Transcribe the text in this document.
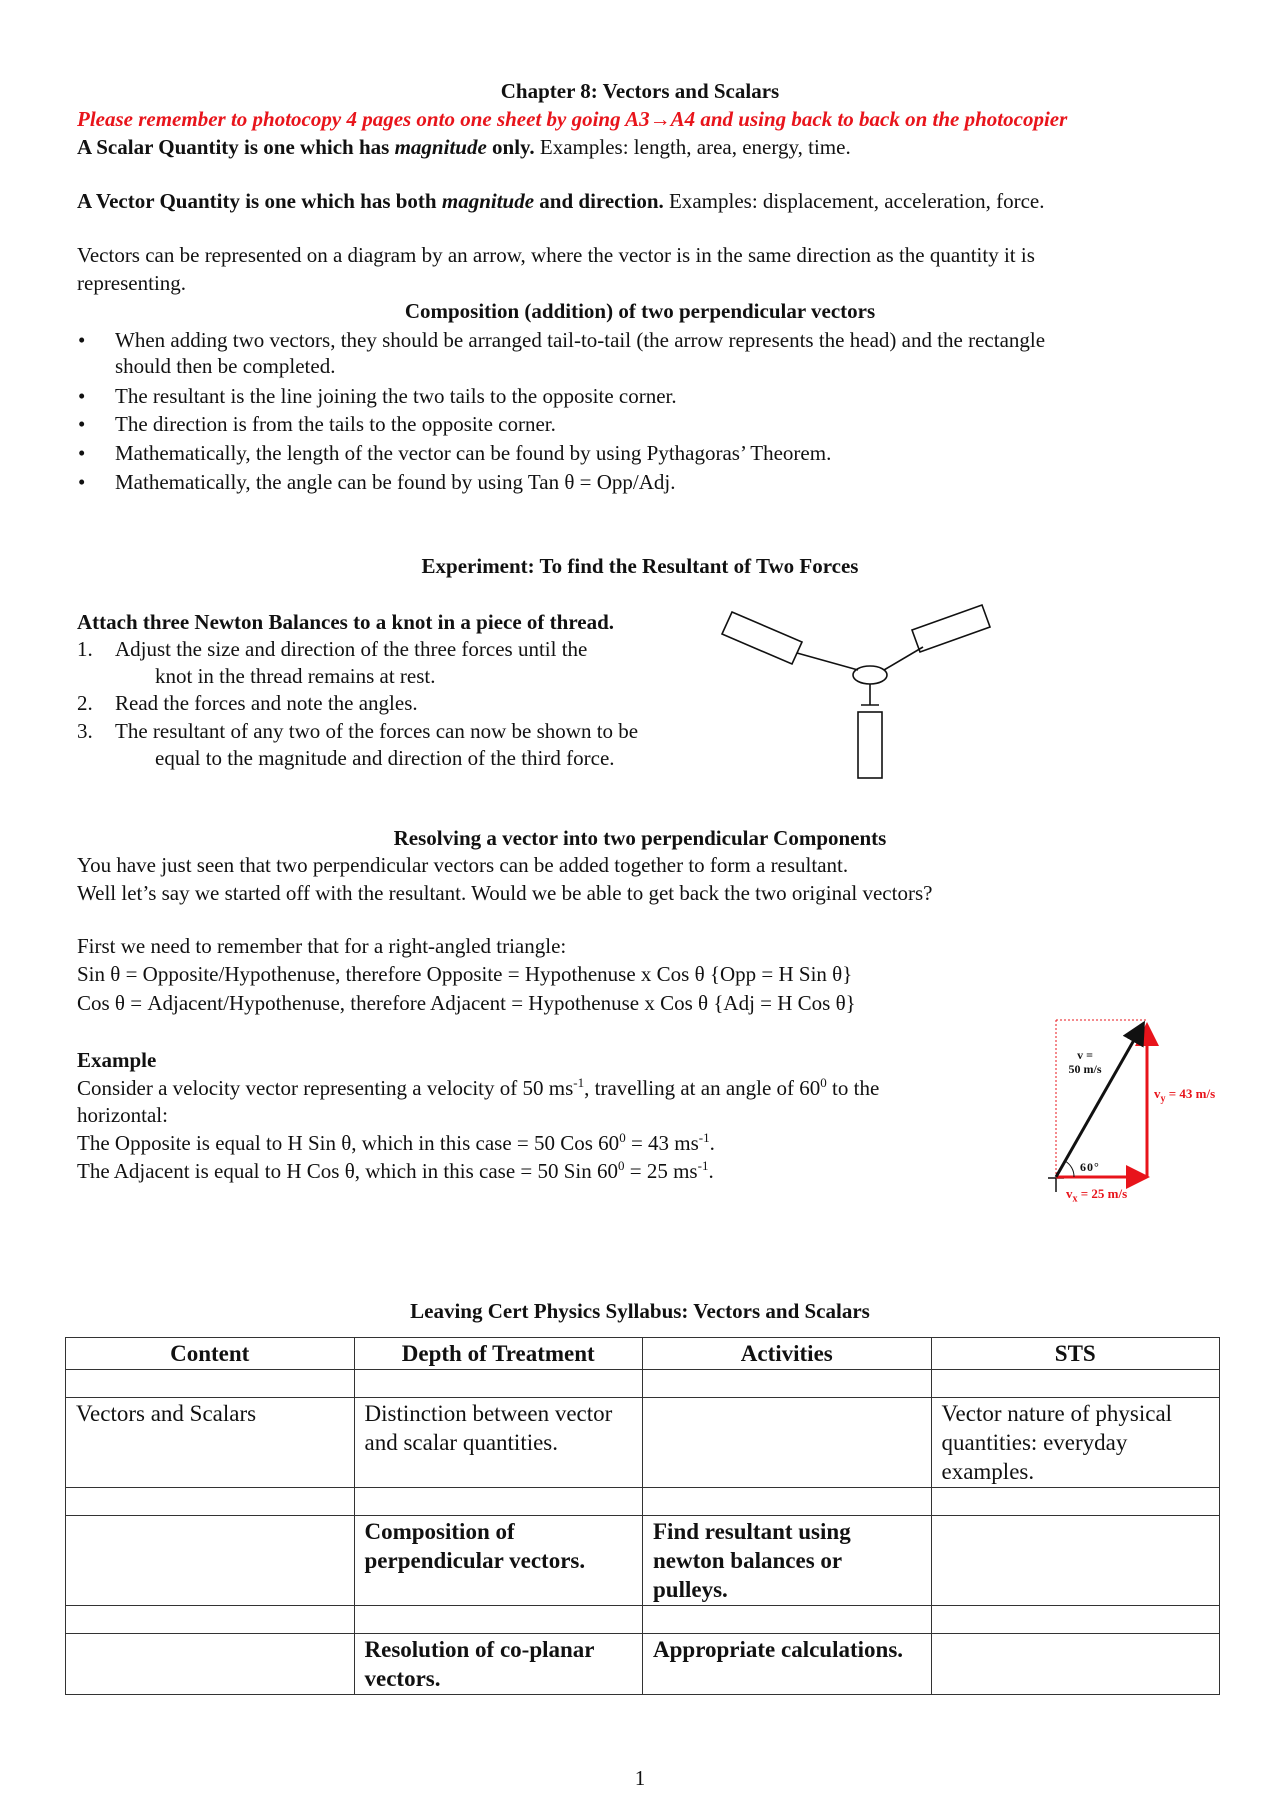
Chapter 8: Vectors and Scalars
Please remember to photocopy 4 pages onto one sheet by going A3→A4 and using back to back on the photocopier
A Scalar Quantity is one which has magnitude only. Examples: length, area, energy, time.
A Vector Quantity is one which has both magnitude and direction. Examples: displacement, acceleration, force.
Vectors can be represented on a diagram by an arrow, where the vector is in the same direction as the quantity it is
representing.
Composition (addition) of two perpendicular vectors
• When adding two vectors, they should be arranged tail-to-tail (the arrow represents the head) and the rectangle
should then be completed.
• The resultant is the line joining the two tails to the opposite corner.
• The direction is from the tails to the opposite corner.
• Mathematically, the length of the vector can be found by using Pythagoras’ Theorem.
• Mathematically, the angle can be found by using Tan θ = Opp/Adj.
Experiment: To find the Resultant of Two Forces
Attach three Newton Balances to a knot in a piece of thread.
1. Adjust the size and direction of the three forces until the
knot in the thread remains at rest.
2. Read the forces and note the angles.
3. The resultant of any two of the forces can now be shown to be
equal to the magnitude and direction of the third force.
Resolving a vector into two perpendicular Components
You have just seen that two perpendicular vectors can be added together to form a resultant.
Well let’s say we started off with the resultant. Would we be able to get back the two original vectors?
First we need to remember that for a right-angled triangle:
Sin θ = Opposite/Hypothenuse, therefore Opposite = Hypothenuse x Cos θ {Opp = H Sin θ}
Cos θ = Adjacent/Hypothenuse, therefore Adjacent = Hypothenuse x Cos θ {Adj = H Cos θ}
Example
Consider a velocity vector representing a velocity of 50 $ms^{-1}$, travelling at an angle of $60^0$ to the
horizontal:
The Opposite is equal to H Sin θ, which in this case = 50 Cos $60^0 = 43$ $ms^{-1}$.
The Adjacent is equal to H Cos θ, which in this case = 50 Sin $60^0 = 25$ $ms^{-1}$.
v =
50 m/s
$v_y = 43$ m/s
60°
$v_x = 25$ m/s
Leaving Cert Physics Syllabus: Vectors and Scalars
Content	Depth of Treatment	Activities	STS

Vectors and Scalars	Distinction between vector and scalar quantities.		Vector nature of physical quantities: everyday examples.

	Composition of perpendicular vectors.	Find resultant using newton balances or pulleys.	

	Resolution of co-planar vectors.	Appropriate calculations.	
1
